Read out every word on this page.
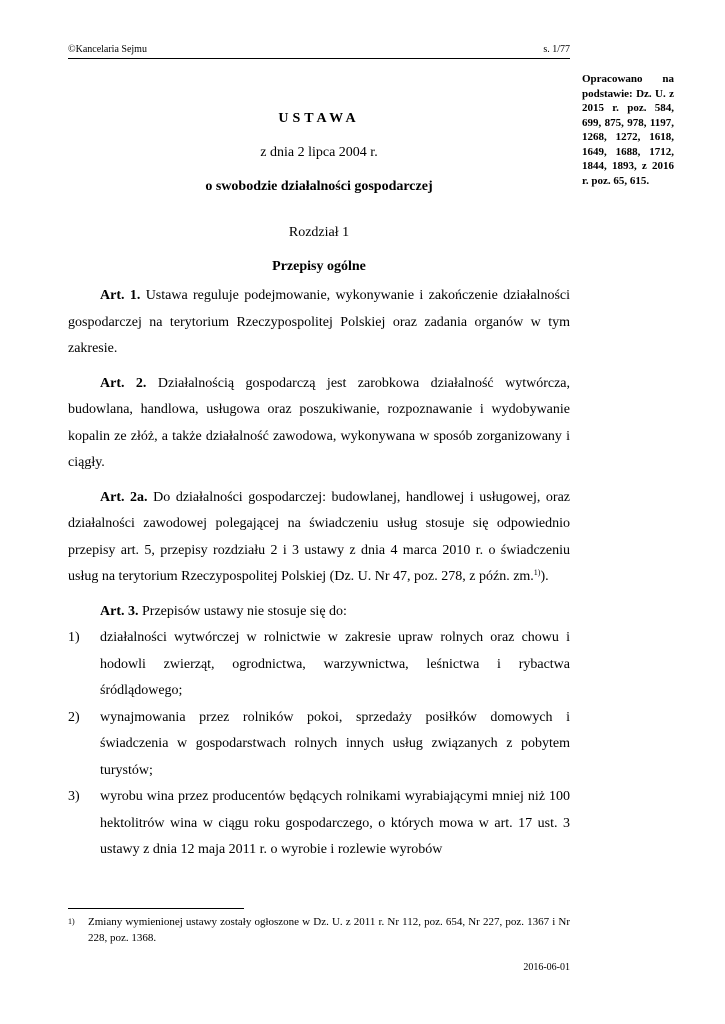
©Kancelaria Sejmu	s. 1/77
Opracowano na podstawie: Dz. U. z 2015 r. poz. 584, 699, 875, 978, 1197, 1268, 1272, 1618, 1649, 1688, 1712, 1844, 1893, z 2016 r. poz. 65, 615.
USTAWA
z dnia 2 lipca 2004 r.
o swobodzie działalności gospodarczej
Rozdział 1
Przepisy ogólne

Art. 1. Ustawa reguluje podejmowanie, wykonywanie i zakończenie działalności gospodarczej na terytorium Rzeczypospolitej Polskiej oraz zadania organów w tym zakresie.

Art. 2. Działalnością gospodarczą jest zarobkowa działalność wytwórcza, budowlana, handlowa, usługowa oraz poszukiwanie, rozpoznawanie i wydobywanie kopalin ze złóż, a także działalność zawodowa, wykonywana w sposób zorganizowany i ciągły.

Art. 2a. Do działalności gospodarczej: budowlanej, handlowej i usługowej, oraz działalności zawodowej polegającej na świadczeniu usług stosuje się odpowiednio przepisy art. 5, przepisy rozdziału 2 i 3 ustawy z dnia 4 marca 2010 r. o świadczeniu usług na terytorium Rzeczypospolitej Polskiej (Dz. U. Nr 47, poz. 278, z późn. zm.$^{1)}$).

Art. 3. Przepisów ustawy nie stosuje się do:

1)	działalności wytwórczej w rolnictwie w zakresie upraw rolnych oraz chowu i hodowli zwierząt, ogrodnictwa, warzywnictwa, leśnictwa i rybactwa śródlądowego;
2)	wynajmowania przez rolników pokoi, sprzedaży posiłków domowych i świadczenia w gospodarstwach rolnych innych usług związanych z pobytem turystów;
3)	wyrobu wina przez producentów będących rolnikami wyrabiającymi mniej niż 100 hektolitrów wina w ciągu roku gospodarczego, o których mowa w art. 17 ust. 3 ustawy z dnia 12 maja 2011 r. o wyrobie i rozlewie wyrobów
1)	Zmiany wymienionej ustawy zostały ogłoszone w Dz. U. z 2011 r. Nr 112, poz. 654, Nr 227, poz. 1367 i Nr 228, poz. 1368.
2016-06-01
